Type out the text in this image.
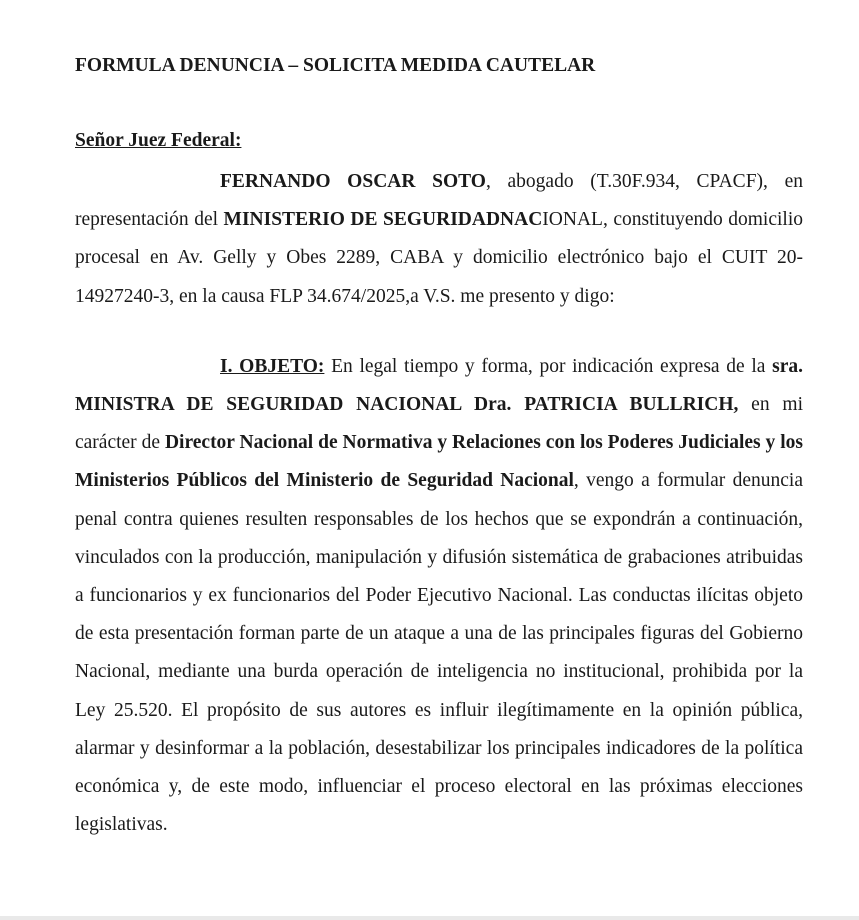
FORMULA DENUNCIA – SOLICITA MEDIDA CAUTELAR

Señor Juez Federal:

FERNANDO OSCAR SOTO, abogado (T.30F.934, CPACF), en representación del MINISTERIO DE SEGURIDADNACIONAL, constituyendo domicilio procesal en Av. Gelly y Obes 2289, CABA y domicilio electrónico bajo el CUIT 20-14927240-3, en la causa FLP 34.674/2025,a V.S. me presento y digo:

I. OBJETO: En legal tiempo y forma, por indicación expresa de la sra. MINISTRA DE SEGURIDAD NACIONAL Dra. PATRICIA BULLRICH, en mi carácter de Director Nacional de Normativa y Relaciones con los Poderes Judiciales y los Ministerios Públicos del Ministerio de Seguridad Nacional, vengo a formular denuncia penal contra quienes resulten responsables de los hechos que se expondrán a continuación, vinculados con la producción, manipulación y difusión sistemática de grabaciones atribuidas a funcionarios y ex funcionarios del Poder Ejecutivo Nacional. Las conductas ilícitas objeto de esta presentación forman parte de un ataque a una de las principales figuras del Gobierno Nacional, mediante una burda operación de inteligencia no institucional, prohibida por la Ley 25.520. El propósito de sus autores es influir ilegítimamente en la opinión pública, alarmar y desinformar a la población, desestabilizar los principales indicadores de la política económica y, de este modo, influenciar el proceso electoral en las próximas elecciones legislativas.
